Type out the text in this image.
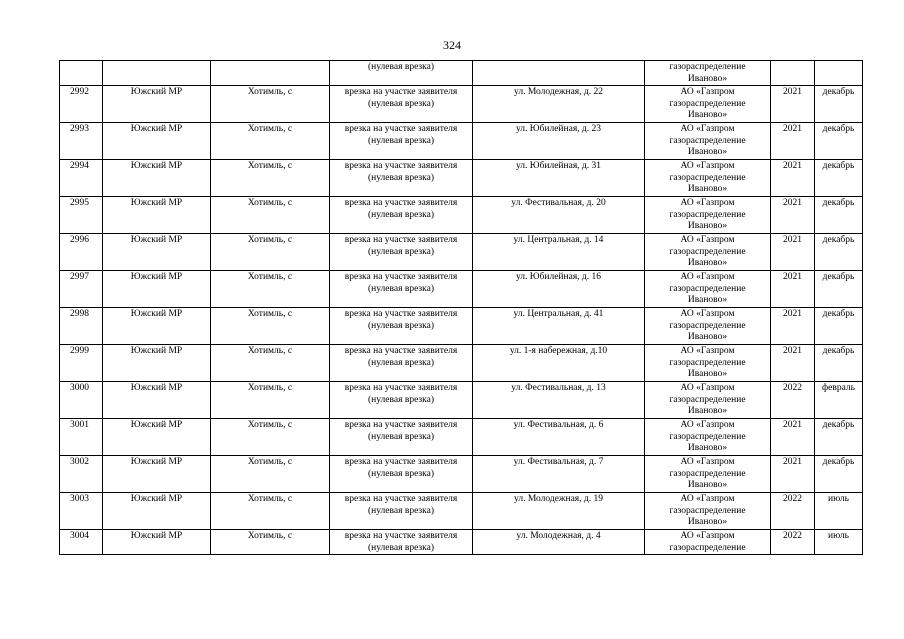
324

			(нулевая врезка)		газораспределение
Иваново»		

2992	Южский МР	Хотимль, с	врезка на участке заявителя
(нулевая врезка)	ул. Молодежная, д. 22	АО «Газпром
газораспределение
Иваново»	2021	декабрь
2993	Южский МР	Хотимль, с	врезка на участке заявителя
(нулевая врезка)	ул. Юбилейная, д. 23	АО «Газпром
газораспределение
Иваново»	2021	декабрь
2994	Южский МР	Хотимль, с	врезка на участке заявителя
(нулевая врезка)	ул. Юбилейная, д. 31	АО «Газпром
газораспределение
Иваново»	2021	декабрь
2995	Южский МР	Хотимль, с	врезка на участке заявителя
(нулевая врезка)	ул. Фестивальная, д. 20	АО «Газпром
газораспределение
Иваново»	2021	декабрь
2996	Южский МР	Хотимль, с	врезка на участке заявителя
(нулевая врезка)	ул. Центральная, д. 14	АО «Газпром
газораспределение
Иваново»	2021	декабрь
2997	Южский МР	Хотимль, с	врезка на участке заявителя
(нулевая врезка)	ул. Юбилейная, д. 16	АО «Газпром
газораспределение
Иваново»	2021	декабрь
2998	Южский МР	Хотимль, с	врезка на участке заявителя
(нулевая врезка)	ул. Центральная, д. 41	АО «Газпром
газораспределение
Иваново»	2021	декабрь
2999	Южский МР	Хотимль, с	врезка на участке заявителя
(нулевая врезка)	ул. 1-я набережная, д.10	АО «Газпром
газораспределение
Иваново»	2021	декабрь
3000	Южский МР	Хотимль, с	врезка на участке заявителя
(нулевая врезка)	ул. Фестивальная, д. 13	АО «Газпром
газораспределение
Иваново»	2022	февраль
3001	Южский МР	Хотимль, с	врезка на участке заявителя
(нулевая врезка)	ул. Фестивальная, д. 6	АО «Газпром
газораспределение
Иваново»	2021	декабрь
3002	Южский МР	Хотимль, с	врезка на участке заявителя
(нулевая врезка)	ул. Фестивальная, д. 7	АО «Газпром
газораспределение
Иваново»	2021	декабрь
3003	Южский МР	Хотимль, с	врезка на участке заявителя
(нулевая врезка)	ул. Молодежная, д. 19	АО «Газпром
газораспределение
Иваново»	2022	июль
3004	Южский МР	Хотимль, с	врезка на участке заявителя
(нулевая врезка)	ул. Молодежная, д. 4	АО «Газпром
газораспределение	2022	июль
